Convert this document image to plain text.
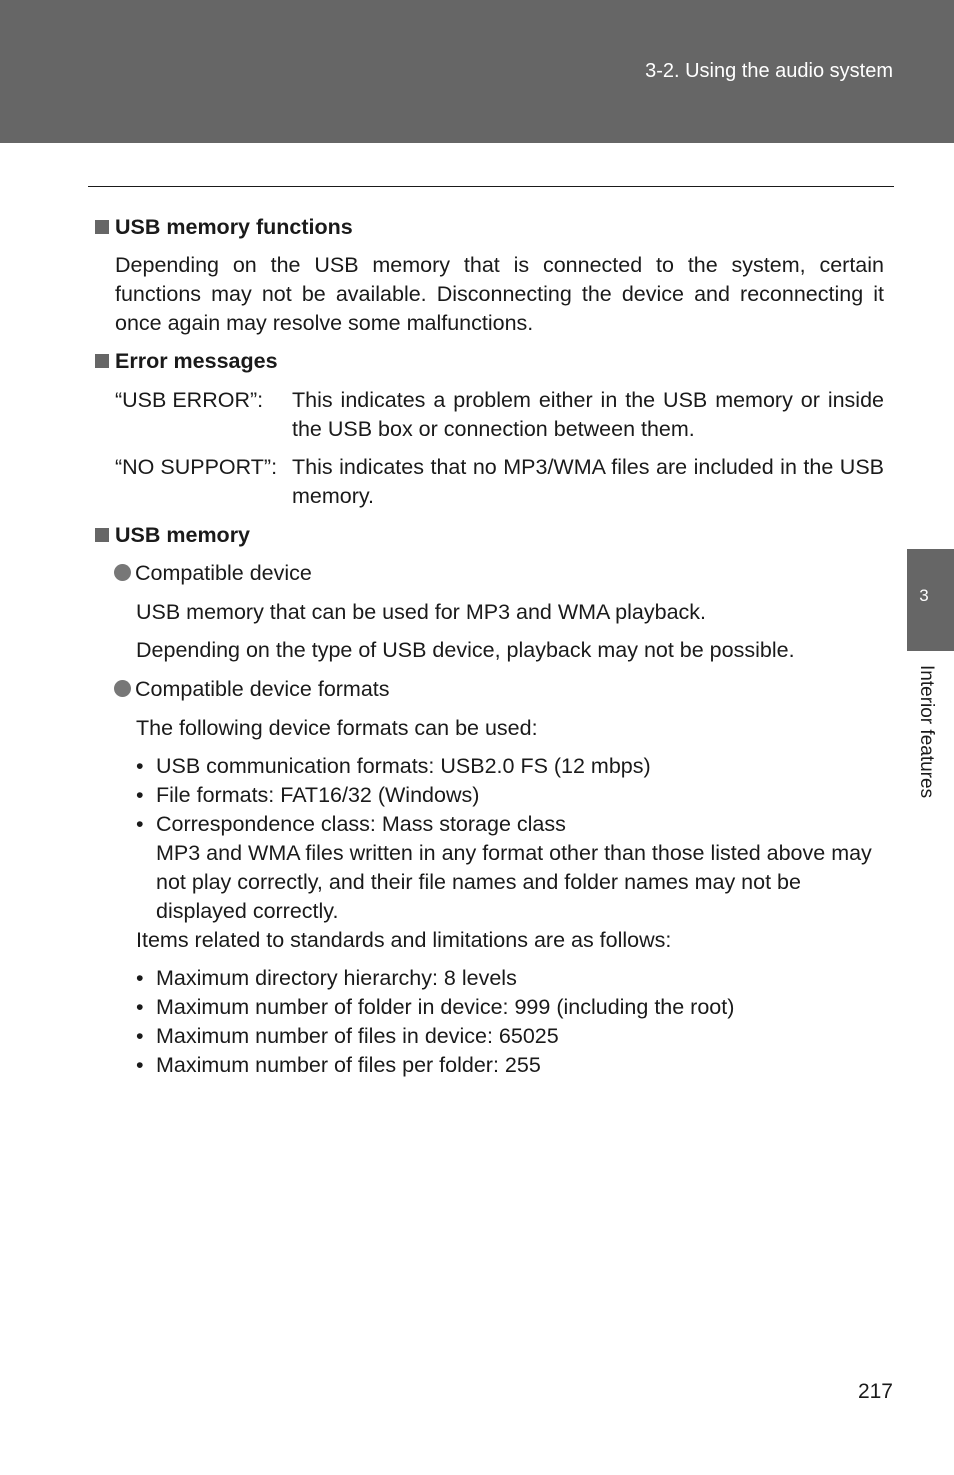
3-2. Using the audio system
3
Interior features
USB memory functions
Depending on the USB memory that is connected to the system, certain functions may not be available. Disconnecting the device and reconnecting it once again may resolve some malfunctions.
Error messages
“USB ERROR”: This indicates a problem either in the USB memory or inside the USB box or connection between them.
“NO SUPPORT”: This indicates that no MP3/WMA files are included in the USB memory.
USB memory
Compatible device
USB memory that can be used for MP3 and WMA playback.
Depending on the type of USB device, playback may not be possible.
Compatible device formats
The following device formats can be used:
• USB communication formats: USB2.0 FS (12 mbps)
• File formats: FAT16/32 (Windows)
• Correspondence class: Mass storage class
MP3 and WMA files written in any format other than those listed above may not play correctly, and their file names and folder names may not be displayed correctly.
Items related to standards and limitations are as follows:
• Maximum directory hierarchy: 8 levels
• Maximum number of folder in device: 999 (including the root)
• Maximum number of files in device: 65025
• Maximum number of files per folder: 255
217
